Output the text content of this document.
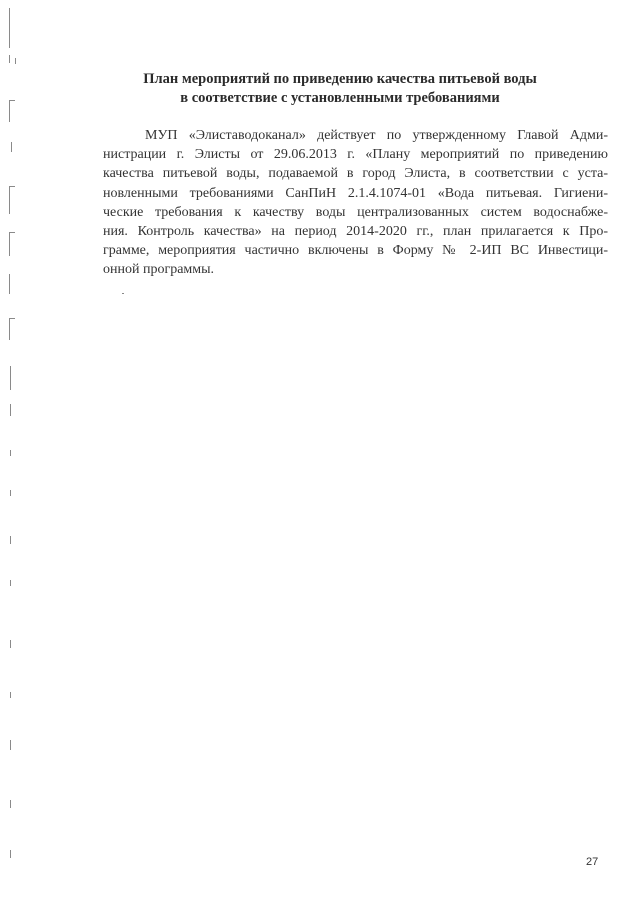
План мероприятий по приведению качества питьевой воды
в соответствие с установленными требованиями
МУП «Элиставодоканал» действует по утвержденному Главой Адми-
нистрации г. Элисты от 29.06.2013 г. «Плану мероприятий по приведению
качества питьевой воды, подаваемой в город Элиста, в соответствии с уста-
новленными требованиями СанПиН 2.1.4.1074-01 «Вода питьевая. Гигиени-
ческие требования к качеству воды централизованных систем водоснабже-
ния. Контроль качества» на период 2014-2020 гг., план прилагается к Про-
грамме, мероприятия частично включены в Форму № 2-ИП ВС Инвестици-
онной программы.
27
